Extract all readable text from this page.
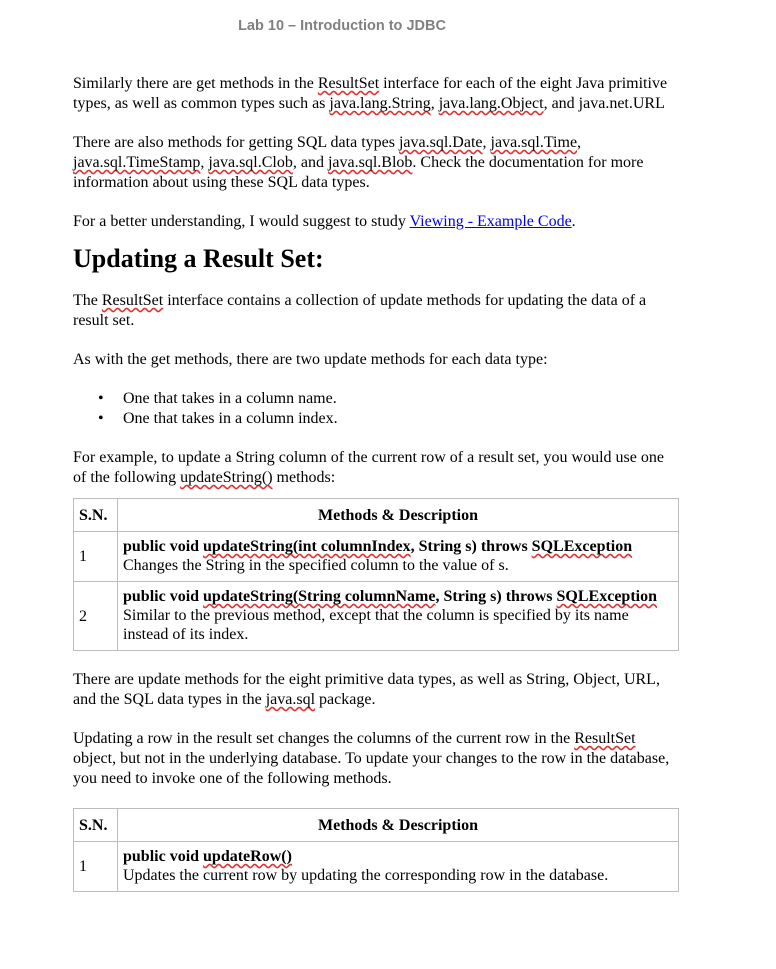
Lab 10 – Introduction to JDBC

Similarly there are get methods in the ResultSet interface for each of the eight Java primitive types, as well as common types such as java.lang.String, java.lang.Object, and java.net.URL

There are also methods for getting SQL data types java.sql.Date, java.sql.Time, java.sql.TimeStamp, java.sql.Clob, and java.sql.Blob. Check the documentation for more information about using these SQL data types.

For a better understanding, I would suggest to study Viewing - Example Code.

Updating a Result Set:

The ResultSet interface contains a collection of update methods for updating the data of a result set.

As with the get methods, there are two update methods for each data type:

• One that takes in a column name.
• One that takes in a column index.

For example, to update a String column of the current row of a result set, you would use one of the following updateString() methods:

S.N.	Methods & Description
1	public void updateString(int columnIndex, String s) throws SQLException
Changes the String in the specified column to the value of s.

2	public void updateString(String columnName, String s) throws SQLException
Similar to the previous method, except that the column is specified by its name instead of its index.

There are update methods for the eight primitive data types, as well as String, Object, URL, and the SQL data types in the java.sql package.

Updating a row in the result set changes the columns of the current row in the ResultSet object, but not in the underlying database. To update your changes to the row in the database, you need to invoke one of the following methods.

S.N.	Methods & Description
1	public void updateRow()
Updates the current row by updating the corresponding row in the database.
